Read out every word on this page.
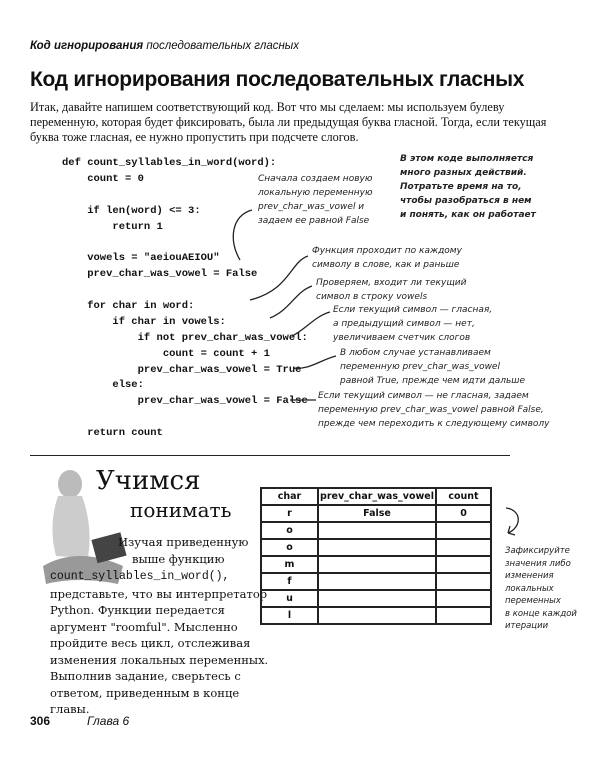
Код игнорирования последовательных гласных
Код игнорирования последовательных гласных
Итак, давайте напишем соответствующий код. Вот что мы сделаем: мы используем булеву переменную, которая будет фиксировать, была ли предыдущая буква гласной. Тогда, если текущая буква тоже гласная, ее нужно пропустить при подсчете слогов.
def count_syllables_in_word(word):
count = 0
if len(word) <= 3:
return 1
vowels = "aeiouAEIOU"
prev_char_was_vowel = False
for char in word:
if char in vowels:
if not prev_char_was_vowel:
count = count + 1
prev_char_was_vowel = True
else:
prev_char_was_vowel = False
return count
В этом коде выполняется
много разных действий.
Потратьте время на то,
чтобы разобраться в нем
и понять, как он работает
Сначала создаем новую
локальную переменную
prev_char_was_vowel и
задаем ее равной False
Функция проходит по каждому
символу в слове, как и раньше
Проверяем, входит ли текущий
символ в строку vowels
Если текущий символ — гласная,
а предыдущий символ — нет,
увеличиваем счетчик слогов
В любом случае устанавливаем
переменную prev_char_was_vowel
равной True, прежде чем идти дальше
Если текущий символ — не гласная, задаем
переменную prev_char_was_vowel равной False,
прежде чем переходить к следующему символу
Учимся
понимать
Изучая приведенную
выше функцию
count_syllables_in_word(), представьте, что вы интерпретатор Python. Функции передается аргумент "roomful". Мысленно пройдите весь цикл, отслеживая изменения локальных переменных. Выполнив задание, сверьтесь с ответом, приведенным в конце главы.
char	prev_char_was_vowel	count
r	False	0
o		
o		
m		
f		
u		
l		
Зафиксируйте
значения либо
изменения
локальных
переменных
в конце каждой
итерации
306	Глава 6
